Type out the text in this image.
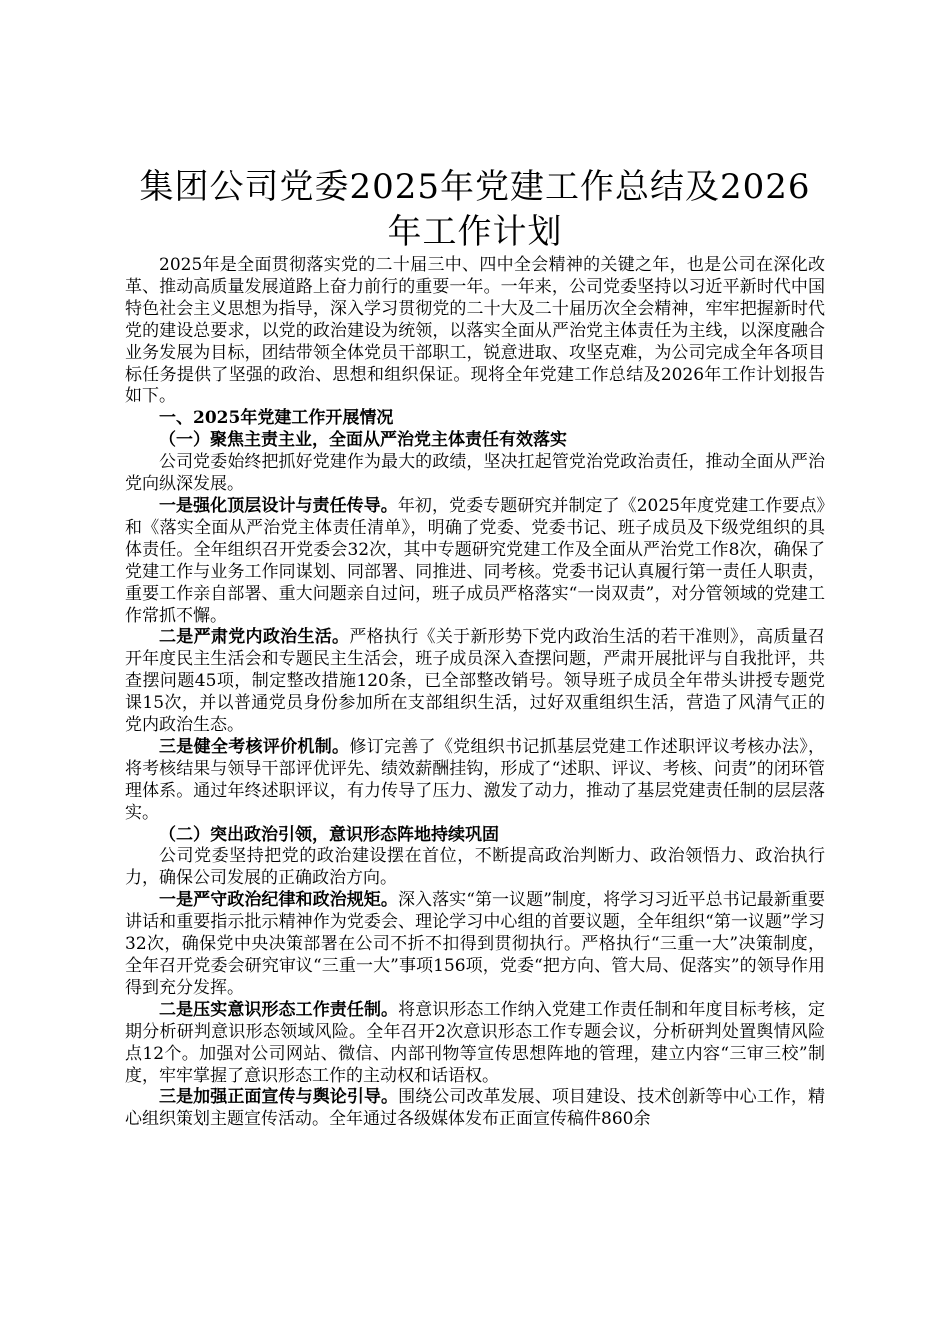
集团公司党委2025年党建工作总结及2026年工作计划

2025年是全面贯彻落实党的二十届三中、四中全会精神的关键之年，也是公司在深化改革、推动高质量发展道路上奋力前行的重要一年。一年来，公司党委坚持以习近平新时代中国特色社会主义思想为指导，深入学习贯彻党的二十大及二十届历次全会精神，牢牢把握新时代党的建设总要求，以党的政治建设为统领，以落实全面从严治党主体责任为主线，以深度融合业务发展为目标，团结带领全体党员干部职工，锐意进取、攻坚克难，为公司完成全年各项目标任务提供了坚强的政治、思想和组织保证。现将全年党建工作总结及2026年工作计划报告如下。

一、2025年党建工作开展情况

（一）聚焦主责主业，全面从严治党主体责任有效落实

公司党委始终把抓好党建作为最大的政绩，坚决扛起管党治党政治责任，推动全面从严治党向纵深发展。

一是强化顶层设计与责任传导。年初，党委专题研究并制定了《2025年度党建工作要点》和《落实全面从严治党主体责任清单》，明确了党委、党委书记、班子成员及下级党组织的具体责任。全年组织召开党委会32次，其中专题研究党建工作及全面从严治党工作8次，确保了党建工作与业务工作同谋划、同部署、同推进、同考核。党委书记认真履行第一责任人职责，重要工作亲自部署、重大问题亲自过问，班子成员严格落实“一岗双责”，对分管领域的党建工作常抓不懈。

二是严肃党内政治生活。严格执行《关于新形势下党内政治生活的若干准则》，高质量召开年度民主生活会和专题民主生活会，班子成员深入查摆问题，严肃开展批评与自我批评，共查摆问题45项，制定整改措施120条，已全部整改销号。领导班子成员全年带头讲授专题党课15次，并以普通党员身份参加所在支部组织生活，过好双重组织生活，营造了风清气正的党内政治生态。

三是健全考核评价机制。修订完善了《党组织书记抓基层党建工作述职评议考核办法》，将考核结果与领导干部评优评先、绩效薪酬挂钩，形成了“述职、评议、考核、问责”的闭环管理体系。通过年终述职评议，有力传导了压力、激发了动力，推动了基层党建责任制的层层落实。

（二）突出政治引领，意识形态阵地持续巩固

公司党委坚持把党的政治建设摆在首位，不断提高政治判断力、政治领悟力、政治执行力，确保公司发展的正确政治方向。

一是严守政治纪律和政治规矩。深入落实“第一议题”制度，将学习习近平总书记最新重要讲话和重要指示批示精神作为党委会、理论学习中心组的首要议题，全年组织“第一议题”学习32次，确保党中央决策部署在公司不折不扣得到贯彻执行。严格执行“三重一大”决策制度，全年召开党委会研究审议“三重一大”事项156项，党委“把方向、管大局、促落实”的领导作用得到充分发挥。

二是压实意识形态工作责任制。将意识形态工作纳入党建工作责任制和年度目标考核，定期分析研判意识形态领域风险。全年召开2次意识形态工作专题会议，分析研判处置舆情风险点12个。加强对公司网站、微信、内部刊物等宣传思想阵地的管理，建立内容“三审三校”制度，牢牢掌握了意识形态工作的主动权和话语权。

三是加强正面宣传与舆论引导。围绕公司改革发展、项目建设、技术创新等中心工作，精心组织策划主题宣传活动。全年通过各级媒体发布正面宣传稿件860余
